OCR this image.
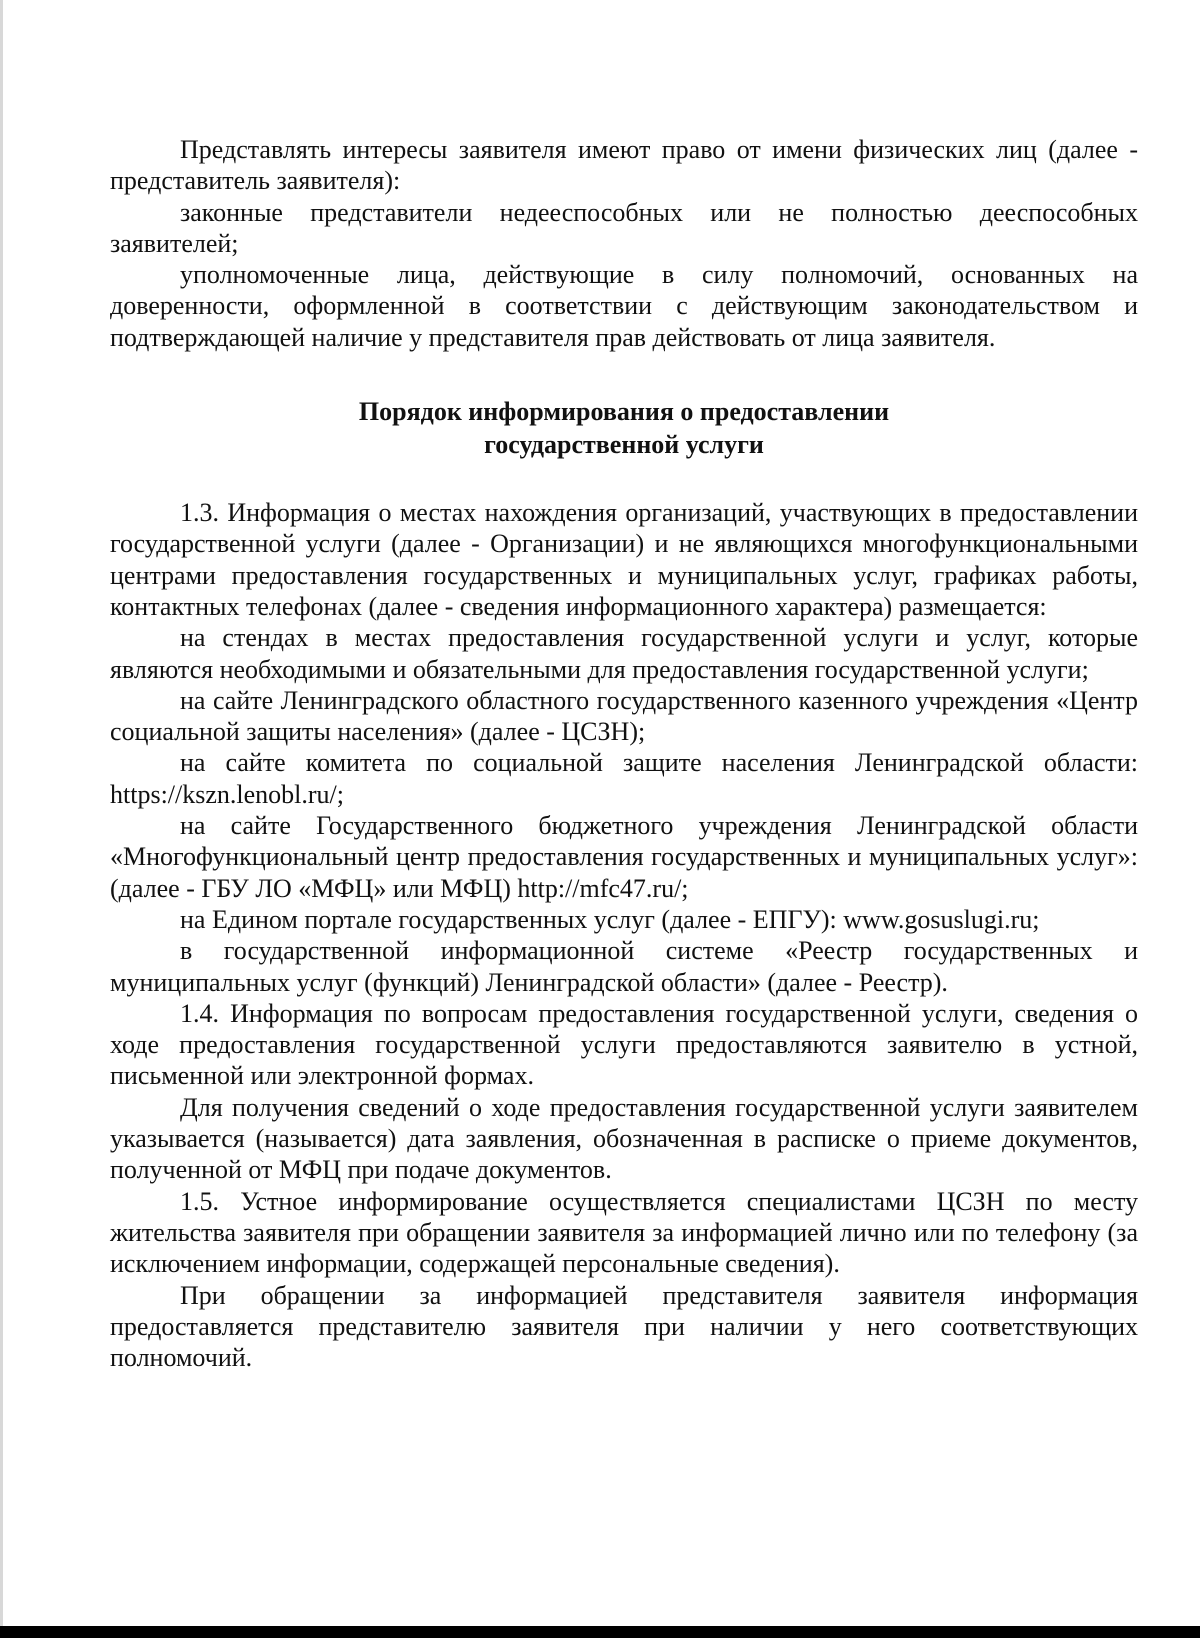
Представлять интересы заявителя имеют право от имени физических лиц (далее - представитель заявителя):

законные представители недееспособных или не полностью дееспособных заявителей;

уполномоченные лица, действующие в силу полномочий, основанных на доверенности, оформленной в соответствии с действующим законодательством и подтверждающей наличие у представителя прав действовать от лица заявителя.

Порядок информирования о предоставлении
государственной услуги

1.3. Информация о местах нахождения организаций, участвующих в предоставлении государственной услуги (далее - Организации) и не являющихся многофункциональными центрами предоставления государственных и муниципальных услуг, графиках работы, контактных телефонах (далее - сведения информационного характера) размещается:

на стендах в местах предоставления государственной услуги и услуг, которые являются необходимыми и обязательными для предоставления государственной услуги;

на сайте Ленинградского областного государственного казенного учреждения «Центр социальной защиты населения» (далее - ЦСЗН);

на сайте комитета по социальной защите населения Ленинградской области: https://kszn.lenobl.ru/;

на сайте Государственного бюджетного учреждения Ленинградской области «Многофункциональный центр предоставления государственных и муниципальных услуг»: (далее - ГБУ ЛО «МФЦ» или МФЦ) http://mfc47.ru/;

на Едином портале государственных услуг (далее - ЕПГУ): www.gosuslugi.ru;

в государственной информационной системе «Реестр государственных и муниципальных услуг (функций) Ленинградской области» (далее - Реестр).

1.4. Информация по вопросам предоставления государственной услуги, сведения о ходе предоставления государственной услуги предоставляются заявителю в устной, письменной или электронной формах.

Для получения сведений о ходе предоставления государственной услуги заявителем указывается (называется) дата заявления, обозначенная в расписке о приеме документов, полученной от МФЦ при подаче документов.

1.5. Устное информирование осуществляется специалистами ЦСЗН по месту жительства заявителя при обращении заявителя за информацией лично или по телефону (за исключением информации, содержащей персональные сведения).

При обращении за информацией представителя заявителя информация предоставляется представителю заявителя при наличии у него соответствующих полномочий.
